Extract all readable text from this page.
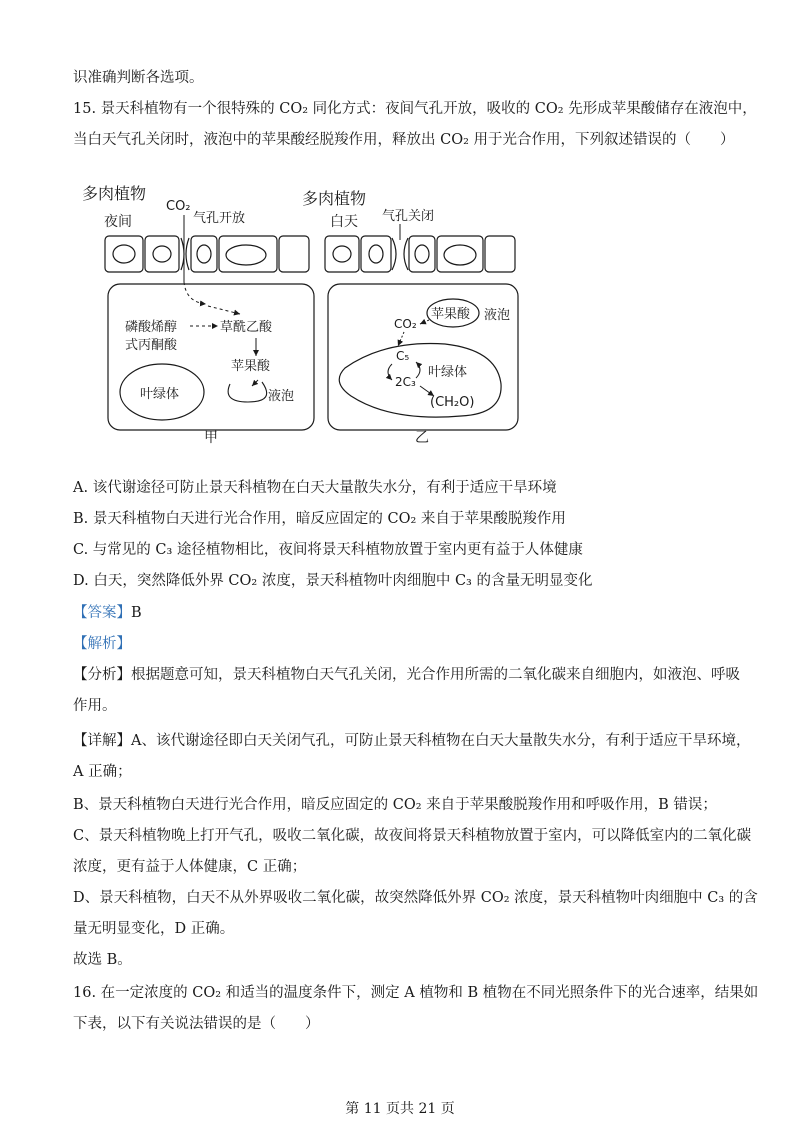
识准确判断各选项。
15. 景天科植物有一个很特殊的 CO₂ 同化方式：夜间气孔开放，吸收的 CO₂ 先形成苹果酸储存在液泡中，
当白天气孔关闭时，液泡中的苹果酸经脱羧作用，释放出 CO₂ 用于光合作用，下列叙述错误的（　　）
多肉植物
夜间
CO₂
气孔开放
磷酸烯醇
式丙酮酸
草酰乙酸
苹果酸
叶绿体	液泡
甲
多肉植物
白天 气孔关闭
苹果酸 液泡
CO₂
C₅
2C₃
叶绿体
(CH₂O)
乙
A. 该代谢途径可防止景天科植物在白天大量散失水分，有利于适应干旱环境
B. 景天科植物白天进行光合作用，暗反应固定的 CO₂ 来自于苹果酸脱羧作用
C. 与常见的 C₃ 途径植物相比，夜间将景天科植物放置于室内更有益于人体健康
D. 白天，突然降低外界 CO₂ 浓度，景天科植物叶肉细胞中 C₃ 的含量无明显变化
【答案】B
【解析】
【分析】根据题意可知，景天科植物白天气孔关闭，光合作用所需的二氧化碳来自细胞内，如液泡、呼吸
作用。
【详解】A、该代谢途径即白天关闭气孔，可防止景天科植物在白天大量散失水分，有利于适应干旱环境，
A 正确；
B、景天科植物白天进行光合作用，暗反应固定的 CO₂ 来自于苹果酸脱羧作用和呼吸作用，B 错误；
C、景天科植物晚上打开气孔，吸收二氧化碳，故夜间将景天科植物放置于室内，可以降低室内的二氧化碳
浓度，更有益于人体健康，C 正确；
D、景天科植物，白天不从外界吸收二氧化碳，故突然降低外界 CO₂ 浓度，景天科植物叶肉细胞中 C₃ 的含
量无明显变化，D 正确。
故选 B。
16. 在一定浓度的 CO₂ 和适当的温度条件下，测定 A 植物和 B 植物在不同光照条件下的光合速率，结果如
下表，以下有关说法错误的是（　　）
第 11 页共 21 页
